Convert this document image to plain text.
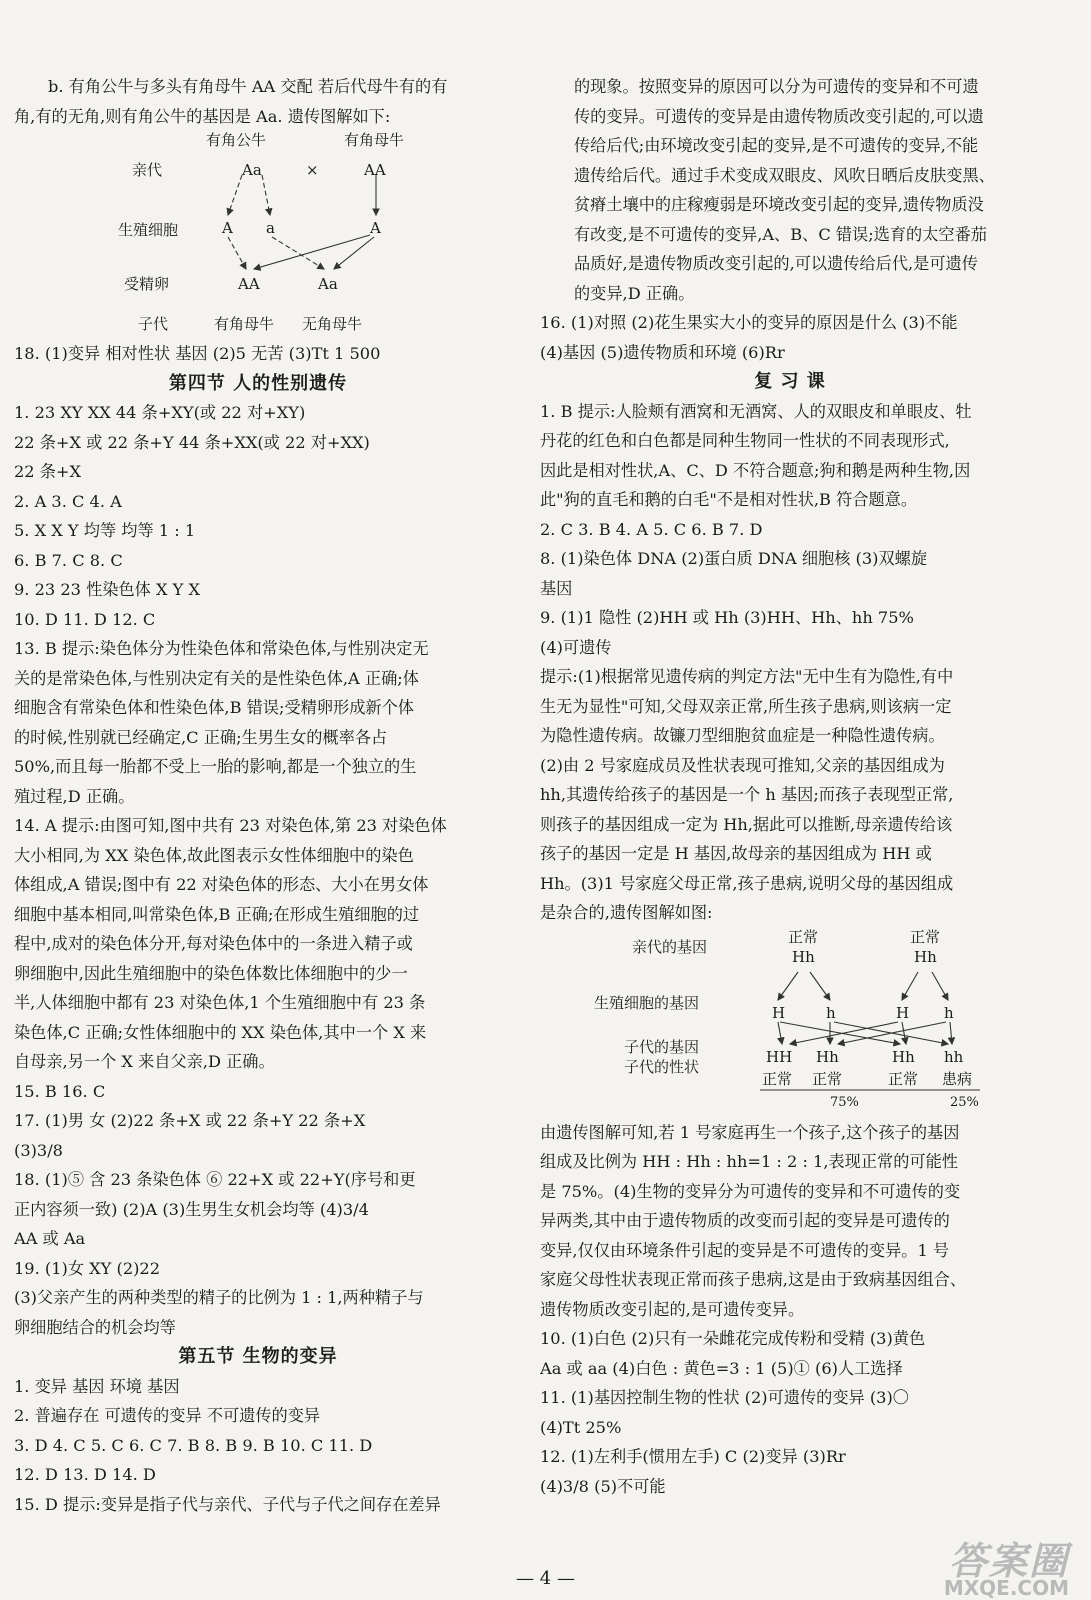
b. 有角公牛与多头有角母牛 AA 交配 若后代母牛有的有
角,有的无角,则有角公牛的基因是 Aa. 遗传图解如下:
有角公牛	有角母牛
亲代	Aa	×	AA
生殖细胞	A a	A
受精卵	AA	Aa
子代	有角母牛 无角母牛
18. (1)变异 相对性状 基因 (2)5 无苦 (3)Tt 1 500
第四节 人的性别遗传
1. 23 XY XX 44 条+XY(或 22 对+XY)
22 条+X 或 22 条+Y 44 条+XX(或 22 对+XX)
22 条+X
2. A 3. C 4. A
5. X X Y 均等 均等 1 : 1
6. B 7. C 8. C
9. 23 23 性染色体 X Y X
10. D 11. D 12. C
13. B 提示:染色体分为性染色体和常染色体,与性别决定无
关的是常染色体,与性别决定有关的是性染色体,A 正确;体
细胞含有常染色体和性染色体,B 错误;受精卵形成新个体
的时候,性别就已经确定,C 正确;生男生女的概率各占
50%,而且每一胎都不受上一胎的影响,都是一个独立的生
殖过程,D 正确。
14. A 提示:由图可知,图中共有 23 对染色体,第 23 对染色体
大小相同,为 XX 染色体,故此图表示女性体细胞中的染色
体组成,A 错误;图中有 22 对染色体的形态、大小在男女体
细胞中基本相同,叫常染色体,B 正确;在形成生殖细胞的过
程中,成对的染色体分开,每对染色体中的一条进入精子或
卵细胞中,因此生殖细胞中的染色体数比体细胞中的少一
半,人体细胞中都有 23 对染色体,1 个生殖细胞中有 23 条
染色体,C 正确;女性体细胞中的 XX 染色体,其中一个 X 来
自母亲,另一个 X 来自父亲,D 正确。
15. B 16. C
17. (1)男 女 (2)22 条+X 或 22 条+Y 22 条+X
(3)3/8
18. (1)⑤ 含 23 条染色体 ⑥ 22+X 或 22+Y(序号和更
正内容须一致) (2)A (3)生男生女机会均等 (4)3/4
AA 或 Aa
19. (1)女 XY (2)22
(3)父亲产生的两种类型的精子的比例为 1 : 1,两种精子与
卵细胞结合的机会均等
第五节 生物的变异
1. 变异 基因 环境 基因
2. 普遍存在 可遗传的变异 不可遗传的变异
3. D 4. C 5. C 6. C 7. B 8. B 9. B 10. C 11. D
12. D 13. D 14. D
15. D 提示:变异是指子代与亲代、子代与子代之间存在差异
的现象。按照变异的原因可以分为可遗传的变异和不可遗
传的变异。可遗传的变异是由遗传物质改变引起的,可以遗
传给后代;由环境改变引起的变异,是不可遗传的变异,不能
遗传给后代。通过手术变成双眼皮、风吹日晒后皮肤变黑、
贫瘠土壤中的庄稼瘦弱是环境改变引起的变异,遗传物质没
有改变,是不可遗传的变异,A、B、C 错误;选育的太空番茄
品质好,是遗传物质改变引起的,可以遗传给后代,是可遗传
的变异,D 正确。
16. (1)对照 (2)花生果实大小的变异的原因是什么 (3)不能
(4)基因 (5)遗传物质和环境 (6)Rr
复 习 课
1. B 提示:人脸颊有酒窝和无酒窝、人的双眼皮和单眼皮、牡
丹花的红色和白色都是同种生物同一性状的不同表现形式,
因此是相对性状,A、C、D 不符合题意;狗和鹅是两种生物,因
此"狗的直毛和鹅的白毛"不是相对性状,B 符合题意。
2. C 3. B 4. A 5. C 6. B 7. D
8. (1)染色体 DNA (2)蛋白质 DNA 细胞核 (3)双螺旋
基因
9. (1)1 隐性 (2)HH 或 Hh (3)HH、Hh、hh 75%
(4)可遗传
提示:(1)根据常见遗传病的判定方法"无中生有为隐性,有中
生无为显性"可知,父母双亲正常,所生孩子患病,则该病一定
为隐性遗传病。故镰刀型细胞贫血症是一种隐性遗传病。
(2)由 2 号家庭成员及性状表现可推知,父亲的基因组成为
hh,其遗传给孩子的基因是一个 h 基因;而孩子表现型正常,
则孩子的基因组成一定为 Hh,据此可以推断,母亲遗传给该
孩子的基因一定是 H 基因,故母亲的基因组成为 HH 或
Hh。(3)1 号家庭父母正常,孩子患病,说明父母的基因组成
是杂合的,遗传图解如图:
亲代的基因
正常
Hh
正常
Hh
生殖细胞的基因
H	h	H h
子代的基因
子代的性状
HH Hh	Hh hh
正常 正常	正常 患病
75%	25%
由遗传图解可知,若 1 号家庭再生一个孩子,这个孩子的基因
组成及比例为 HH : Hh : hh=1 : 2 : 1,表现正常的可能性
是 75%。(4)生物的变异分为可遗传的变异和不可遗传的变
异两类,其中由于遗传物质的改变而引起的变异是可遗传的
变异,仅仅由环境条件引起的变异是不可遗传的变异。1 号
家庭父母性状表现正常而孩子患病,这是由于致病基因组合、
遗传物质改变引起的,是可遗传变异。
10. (1)白色 (2)只有一朵雌花完成传粉和受精 (3)黄色
Aa 或 aa (4)白色 : 黄色=3 : 1 (5)① (6)人工选择
11. (1)基因控制生物的性状 (2)可遗传的变异 (3)〇
(4)Tt 25%
12. (1)左利手(惯用左手) C (2)变异 (3)Rr
(4)3/8 (5)不可能
— 4 —	答案圈
MXQE.COM
